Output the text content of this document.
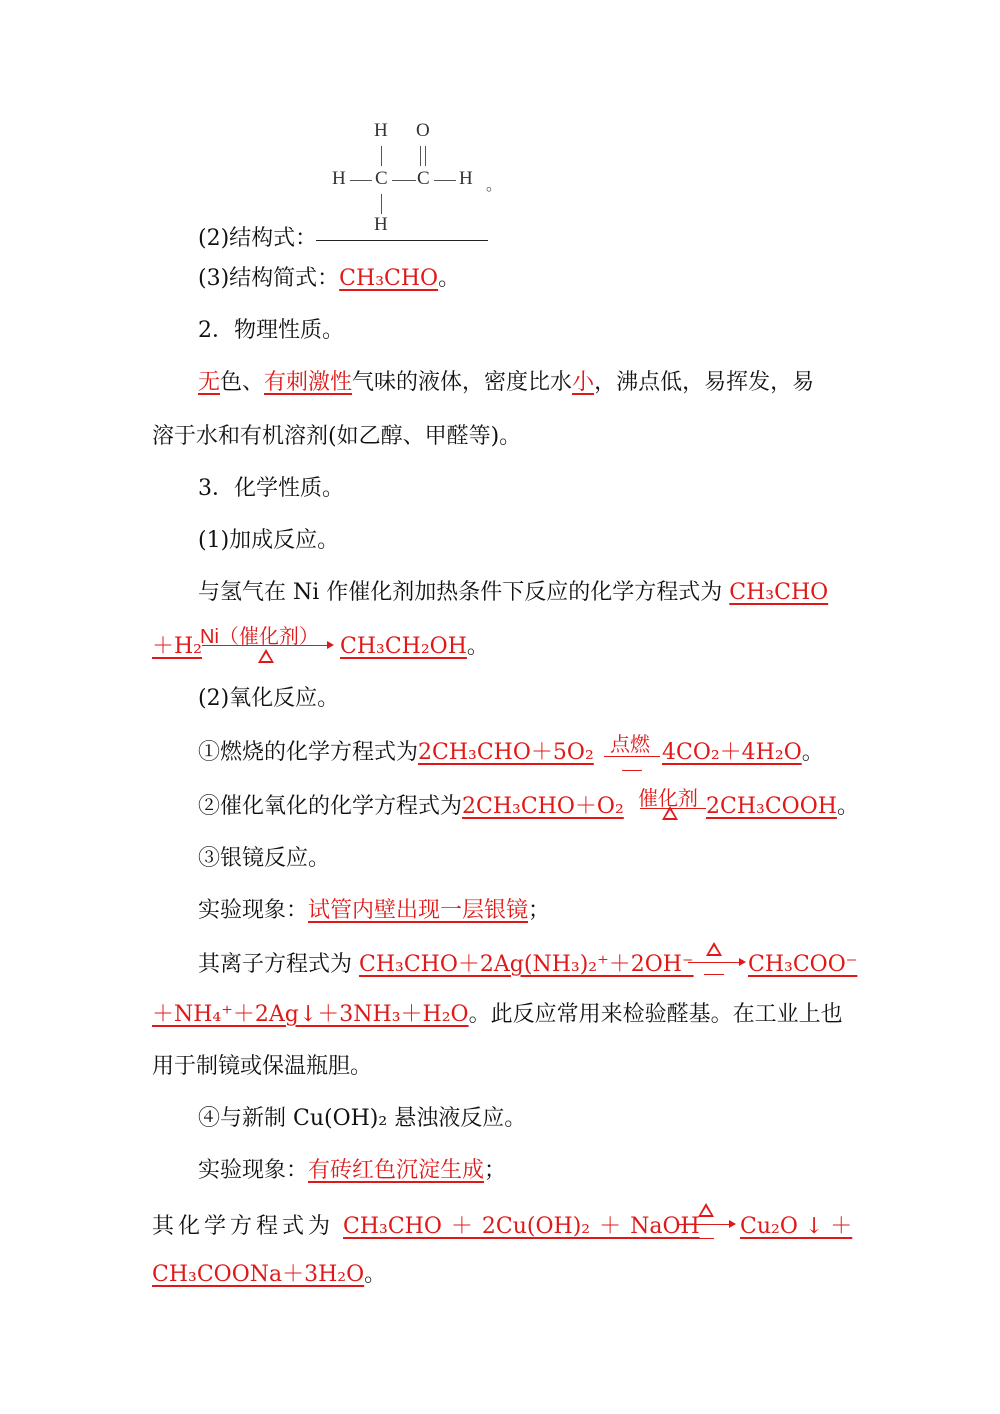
H O
H C C H 。
H
(2)结构式：
(3)结构简式：CH₃CHO。
2．物理性质。
无色、有刺激性气味的液体，密度比水小，沸点低，易挥发，易
溶于水和有机溶剂(如乙醇、甲醛等)。
3．化学性质。
(1)加成反应。
与氢气在 Ni 作催化剂加热条件下反应的化学方程式为 CH₃CHO
＋H₂
Ni（催化剂） CH₃CH₂OH。
(2)氧化反应。
①燃烧的化学方程式为2CH₃CHO＋5O₂ 点燃 4CO₂＋4H₂O。
②催化氧化的化学方程式为2CH₃CHO＋O₂ 催化剂 2CH₃COOH。
③银镜反应。
实验现象：试管内壁出现一层银镜；
其离子方程式为 CH₃CHO＋2Ag(NH₃)₂⁺＋2OH⁻ CH₃COO⁻
＋NH₄⁺＋2Ag↓＋3NH₃＋H₂O。此反应常用来检验醛基。在工业上也
用于制镜或保温瓶胆。
④与新制 Cu(OH)₂ 悬浊液反应。
实验现象：有砖红色沉淀生成；
其化学方程式为 CH₃CHO ＋ 2Cu(OH)₂ ＋ NaOH Cu₂O ↓ ＋
CH₃COONa＋3H₂O。
